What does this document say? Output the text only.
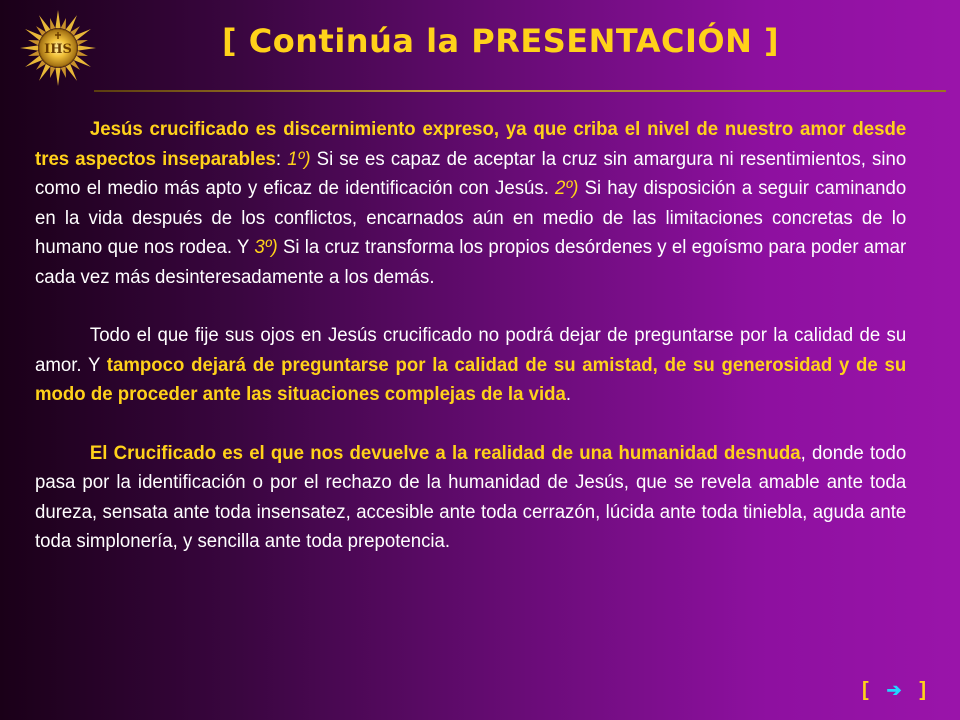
IHS	[ Continúa la PRESENTACIÓN ]

Jesús crucificado es discernimiento expreso, ya que criba el nivel de nuestro amor desde tres aspectos inseparables: 1º) Si se es capaz de aceptar la cruz sin amargura ni resentimientos, sino como el medio más apto y eficaz de identificación con Jesús. 2º) Si hay disposición a seguir caminando en la vida después de los conflictos, encarnados aún en medio de las limitaciones concretas de lo humano que nos rodea. Y 3º) Si la cruz transforma los propios desórdenes y el egoísmo para poder amar cada vez más desinteresadamente a los demás.

Todo el que fije sus ojos en Jesús crucificado no podrá dejar de preguntarse por la calidad de su amor. Y tampoco dejará de preguntarse por la calidad de su amistad, de su generosidad y de su modo de proceder ante las situaciones complejas de la vida.

El Crucificado es el que nos devuelve a la realidad de una humanidad desnuda, donde todo pasa por la identificación o por el rechazo de la humanidad de Jesús, que se revela amable ante toda dureza, sensata ante toda insensatez, accesible ante toda cerrazón, lúcida ante toda tiniebla, aguda ante toda simplonería, y sencilla ante toda prepotencia.

[ ➔ ]
